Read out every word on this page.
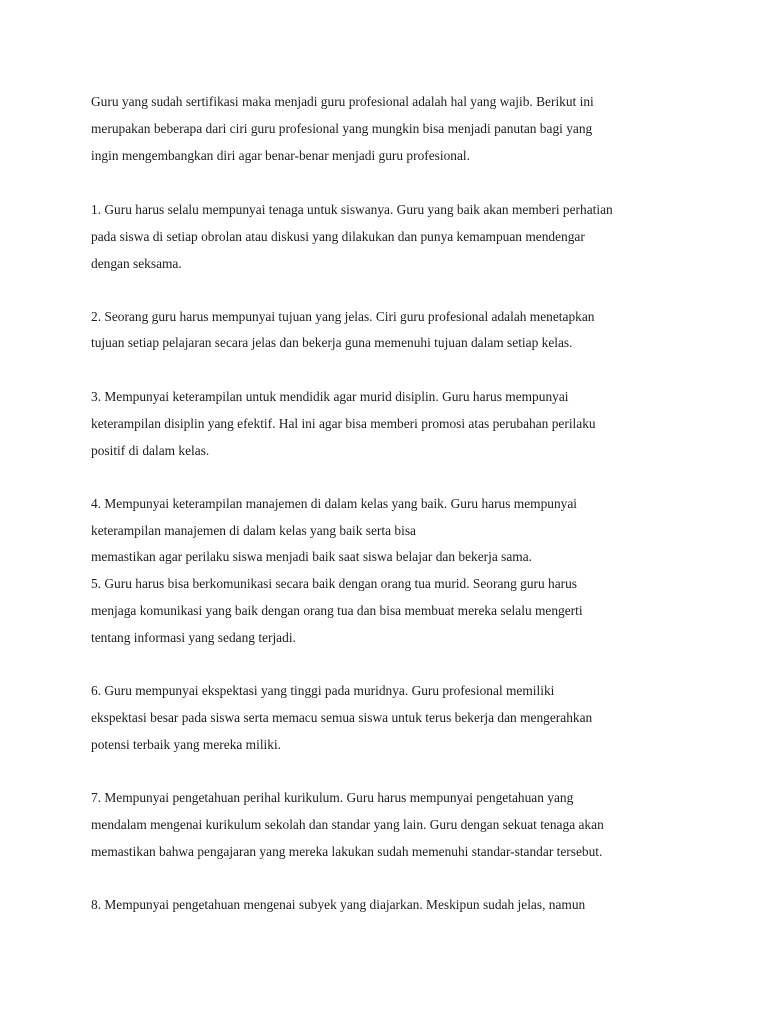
Guru yang sudah sertifikasi maka menjadi guru profesional adalah hal yang wajib. Berikut ini

merupakan beberapa dari ciri guru profesional yang mungkin bisa menjadi panutan bagi yang

ingin mengembangkan diri agar benar-benar menjadi guru profesional.

1. Guru harus selalu mempunyai tenaga untuk siswanya. Guru yang baik akan memberi perhatian

pada siswa di setiap obrolan atau diskusi yang dilakukan dan punya kemampuan mendengar

dengan seksama.

2. Seorang guru harus mempunyai tujuan yang jelas. Ciri guru profesional adalah menetapkan

tujuan setiap pelajaran secara jelas dan bekerja guna memenuhi tujuan dalam setiap kelas.

3. Mempunyai keterampilan untuk mendidik agar murid disiplin. Guru harus mempunyai

keterampilan disiplin yang efektif. Hal ini agar bisa memberi promosi atas perubahan perilaku

positif di dalam kelas.

4. Mempunyai keterampilan manajemen di dalam kelas yang baik. Guru harus mempunyai

keterampilan manajemen di dalam kelas yang baik serta bisa

memastikan agar perilaku siswa menjadi baik saat siswa belajar dan bekerja sama.

5. Guru harus bisa berkomunikasi secara baik dengan orang tua murid. Seorang guru harus

menjaga komunikasi yang baik dengan orang tua dan bisa membuat mereka selalu mengerti

tentang informasi yang sedang terjadi.

6. Guru mempunyai ekspektasi yang tinggi pada muridnya. Guru profesional memiliki

ekspektasi besar pada siswa serta memacu semua siswa untuk terus bekerja dan mengerahkan

potensi terbaik yang mereka miliki.

7. Mempunyai pengetahuan perihal kurikulum. Guru harus mempunyai pengetahuan yang

mendalam mengenai kurikulum sekolah dan standar yang lain. Guru dengan sekuat tenaga akan

memastikan bahwa pengajaran yang mereka lakukan sudah memenuhi standar-standar tersebut.

8. Mempunyai pengetahuan mengenai subyek yang diajarkan. Meskipun sudah jelas, namun
